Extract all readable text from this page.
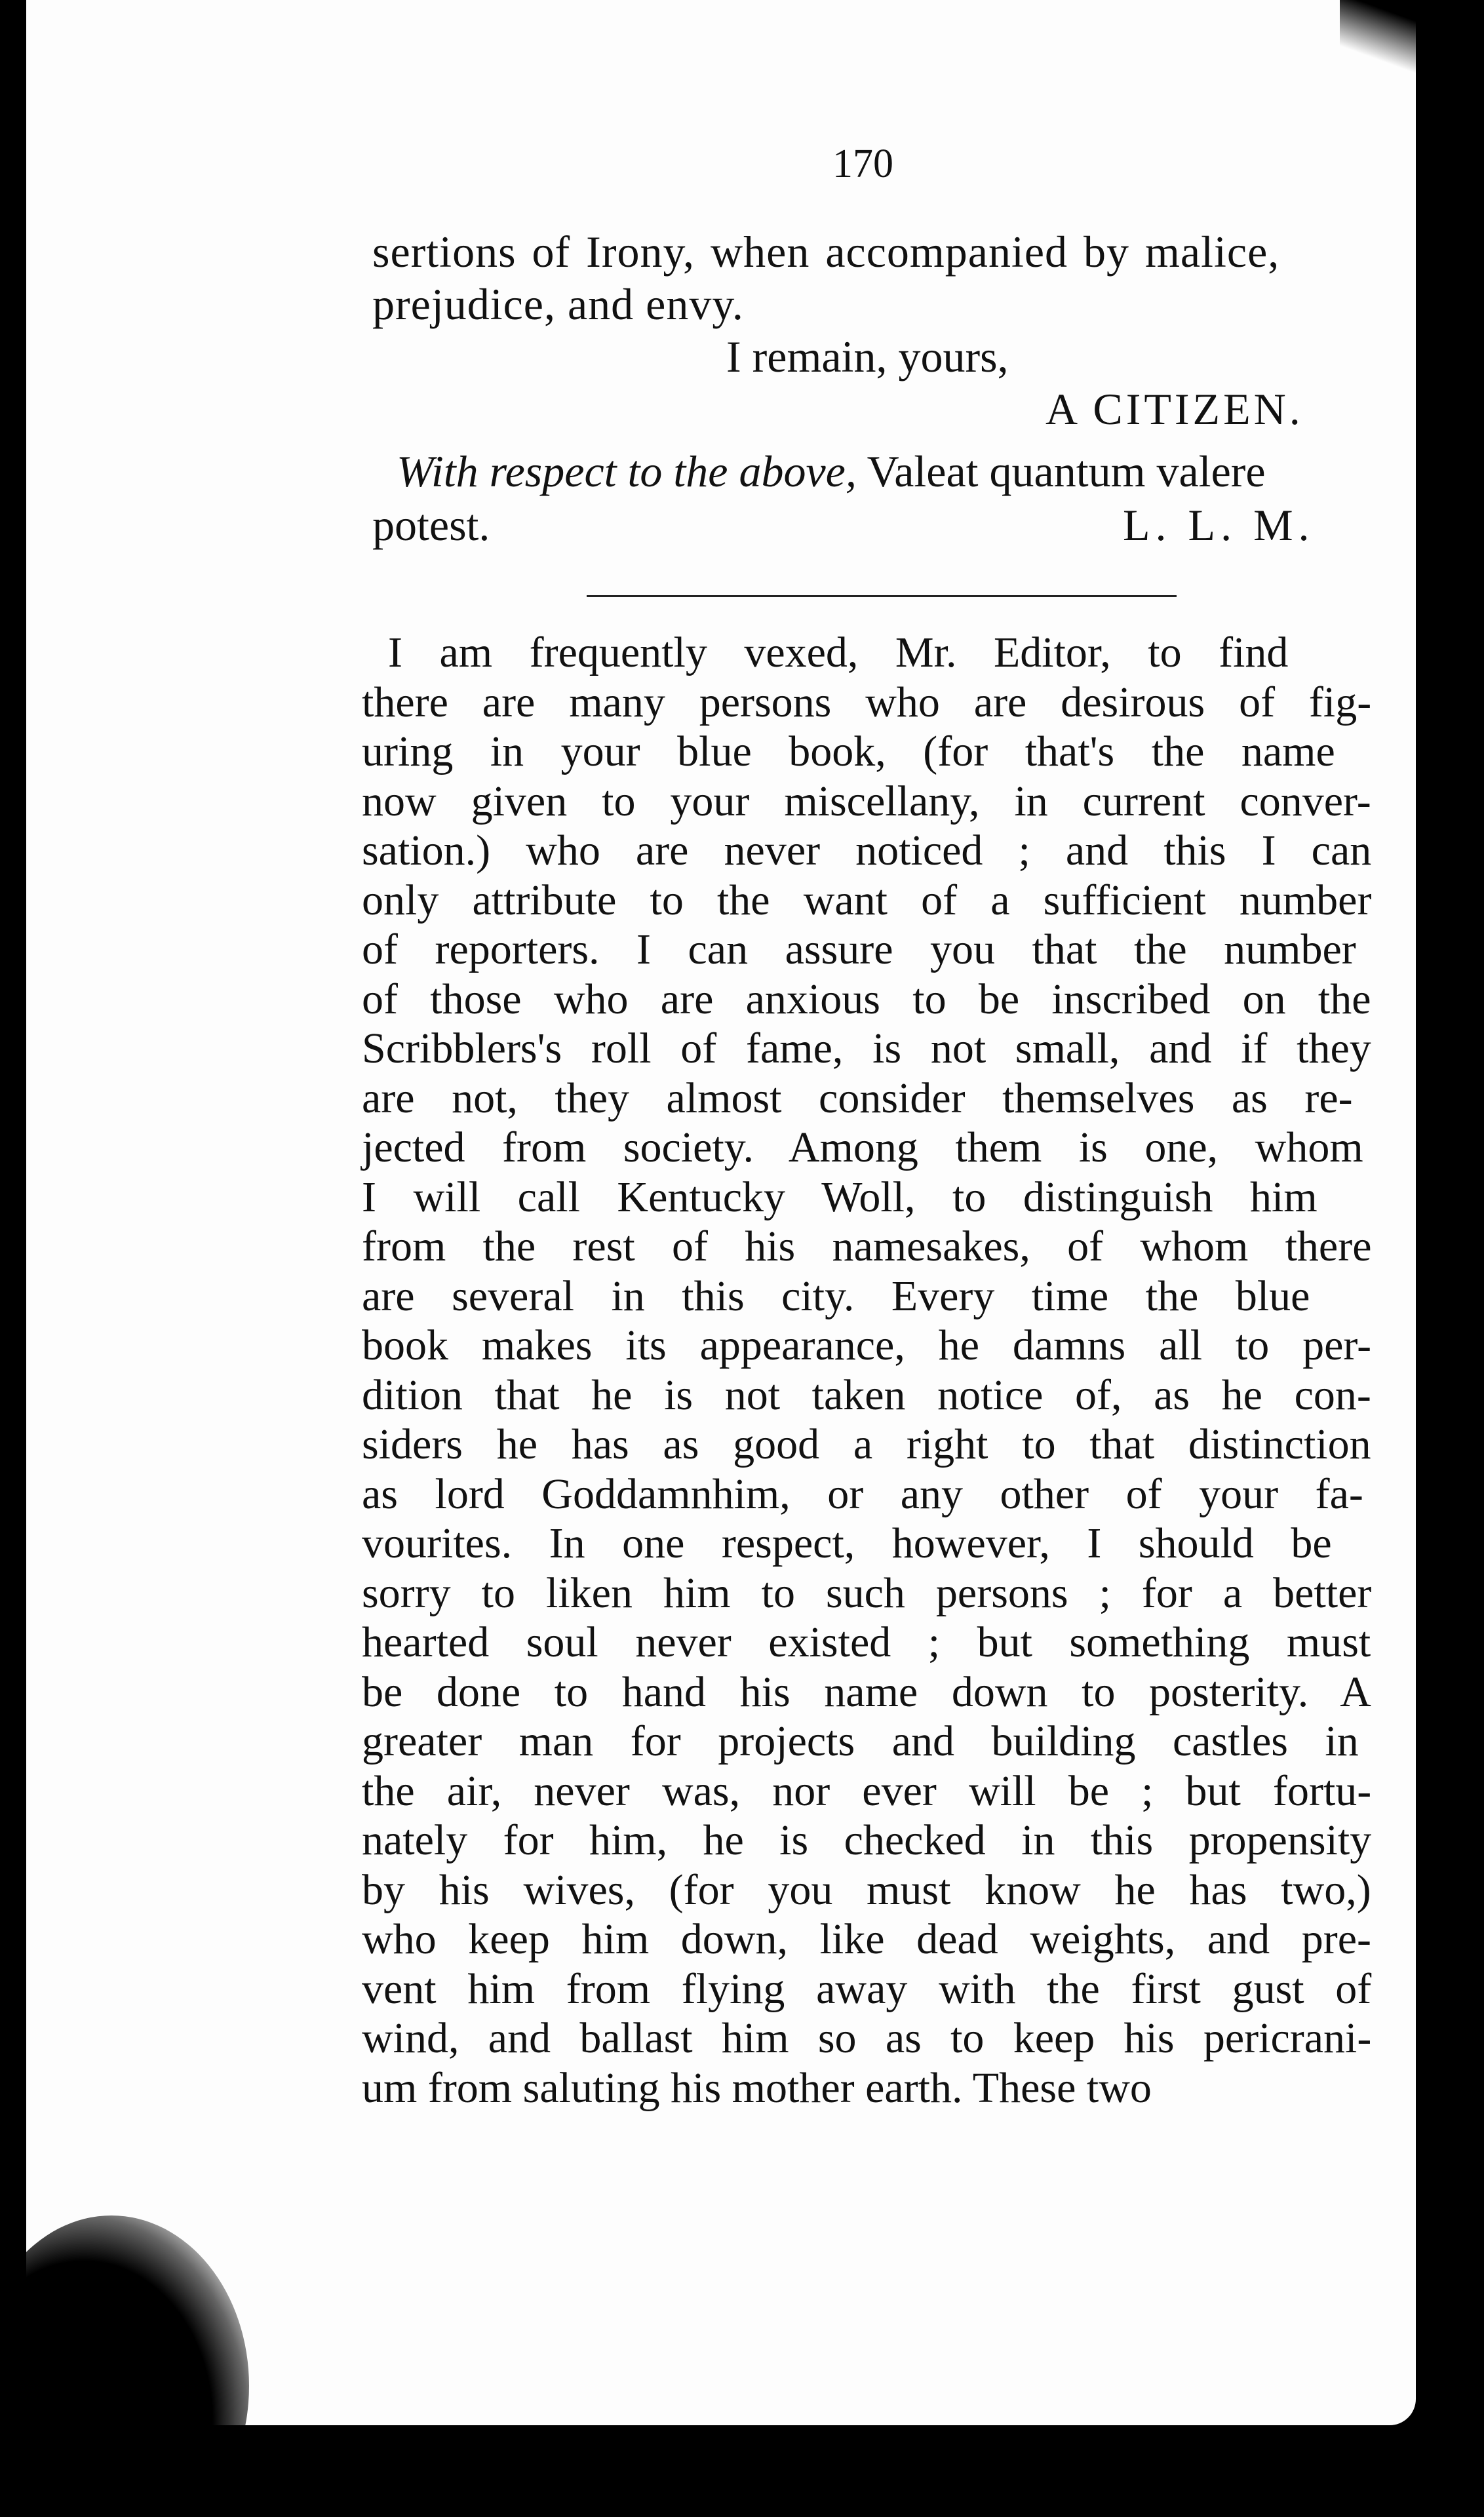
170
sertions of Irony, when accompanied by malice,
prejudice, and envy.
I remain, yours,
A CITIZEN.
With respect to the above, Valeat quantum valere
potest.	L. L. M.
I am frequently vexed, Mr. Editor, to find
there are many persons who are desirous of fig-
uring in your blue book, (for that's the name
now given to your miscellany, in current conver-
sation.) who are never noticed ; and this I can
only attribute to the want of a sufficient number
of reporters. I can assure you that the number
of those who are anxious to be inscribed on the
Scribblers's roll of fame, is not small, and if they
are not, they almost consider themselves as re-
jected from society. Among them is one, whom
I will call Kentucky Woll, to distinguish him
from the rest of his namesakes, of whom there
are several in this city. Every time the blue
book makes its appearance, he damns all to per-
dition that he is not taken notice of, as he con-
siders he has as good a right to that distinction
as lord Goddamnhim, or any other of your fa-
vourites. In one respect, however, I should be
sorry to liken him to such persons ; for a better
hearted soul never existed ; but something must
be done to hand his name down to posterity. A
greater man for projects and building castles in
the air, never was, nor ever will be ; but fortu-
nately for him, he is checked in this propensity
by his wives, (for you must know he has two,)
who keep him down, like dead weights, and pre-
vent him from flying away with the first gust of
wind, and ballast him so as to keep his pericrani-
um from saluting his mother earth. These two
